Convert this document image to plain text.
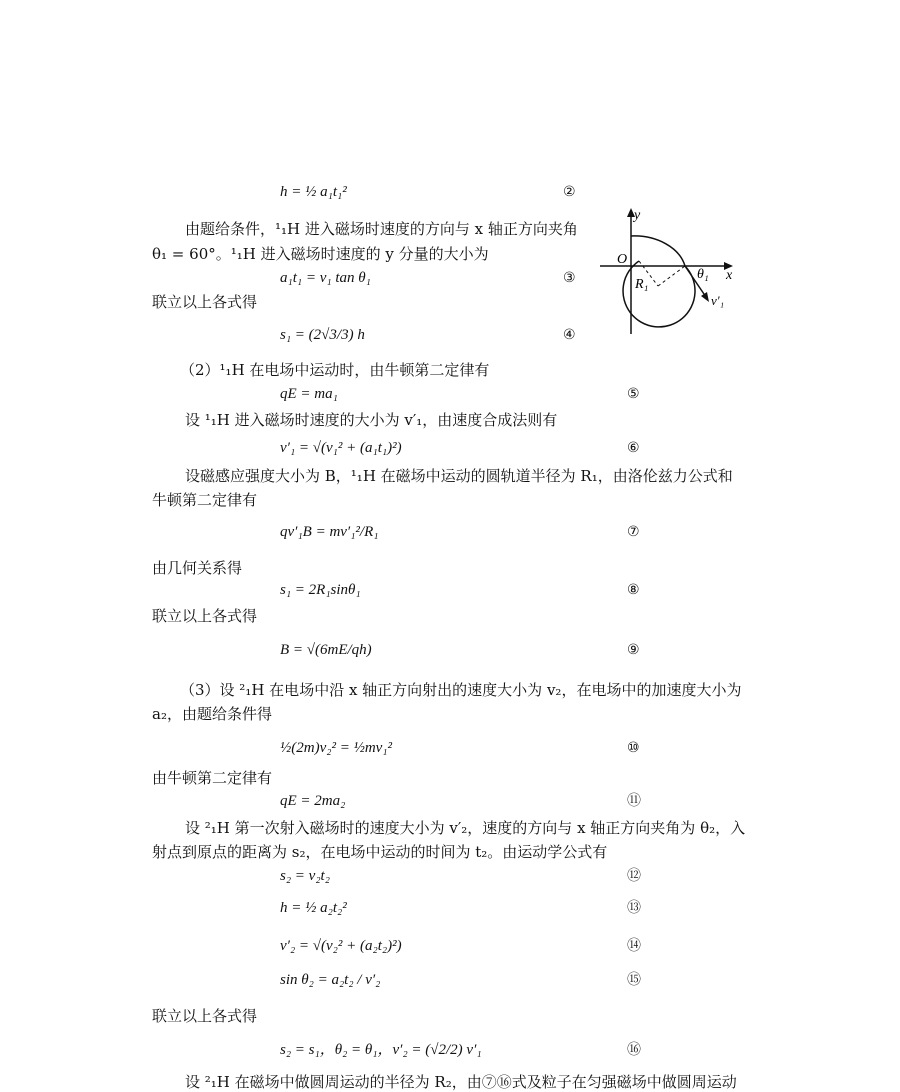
y
x
O
R₁
θ₁
v′₁
h = ½ a₁t₁²	②
由题给条件，¹₁H 进入磁场时速度的方向与 x 轴正方向夹角
θ₁ = 60°。¹₁H 进入磁场时速度的 y 分量的大小为
a₁t₁ = v₁ tan θ₁	③
联立以上各式得
s₁ = (2√3/3) h	④
（2）¹₁H 在电场中运动时，由牛顿第二定律有
qE = ma₁	⑤
设 ¹₁H 进入磁场时速度的大小为 v′₁，由速度合成法则有
v′₁ = √(v₁² + (a₁t₁)²)	⑥
设磁感应强度大小为 B，¹₁H 在磁场中运动的圆轨道半径为 R₁，由洛伦兹力公式和
牛顿第二定律有
qv′₁B = mv′₁²/R₁	⑦
由几何关系得
s₁ = 2R₁sinθ₁	⑧
联立以上各式得
B = √(6mE/qh)	⑨
（3）设 ²₁H 在电场中沿 x 轴正方向射出的速度大小为 v₂，在电场中的加速度大小为
a₂，由题给条件得
½(2m)v₂² = ½mv₁²	⑩
由牛顿第二定律有
qE = 2ma₂	⑪
设 ²₁H 第一次射入磁场时的速度大小为 v′₂，速度的方向与 x 轴正方向夹角为 θ₂，入
射点到原点的距离为 s₂，在电场中运动的时间为 t₂。由运动学公式有
s₂ = v₂t₂	⑫
h = ½ a₂t₂²	⑬
v′₂ = √(v₂² + (a₂t₂)²)	⑭
sin θ₂ = a₂t₂ / v′₂	⑮
联立以上各式得
s₂ = s₁，θ₂ = θ₁，v′₂ = (√2/2) v′₁	⑯
设 ²₁H 在磁场中做圆周运动的半径为 R₂，由⑦⑯式及粒子在匀强磁场中做圆周运动
